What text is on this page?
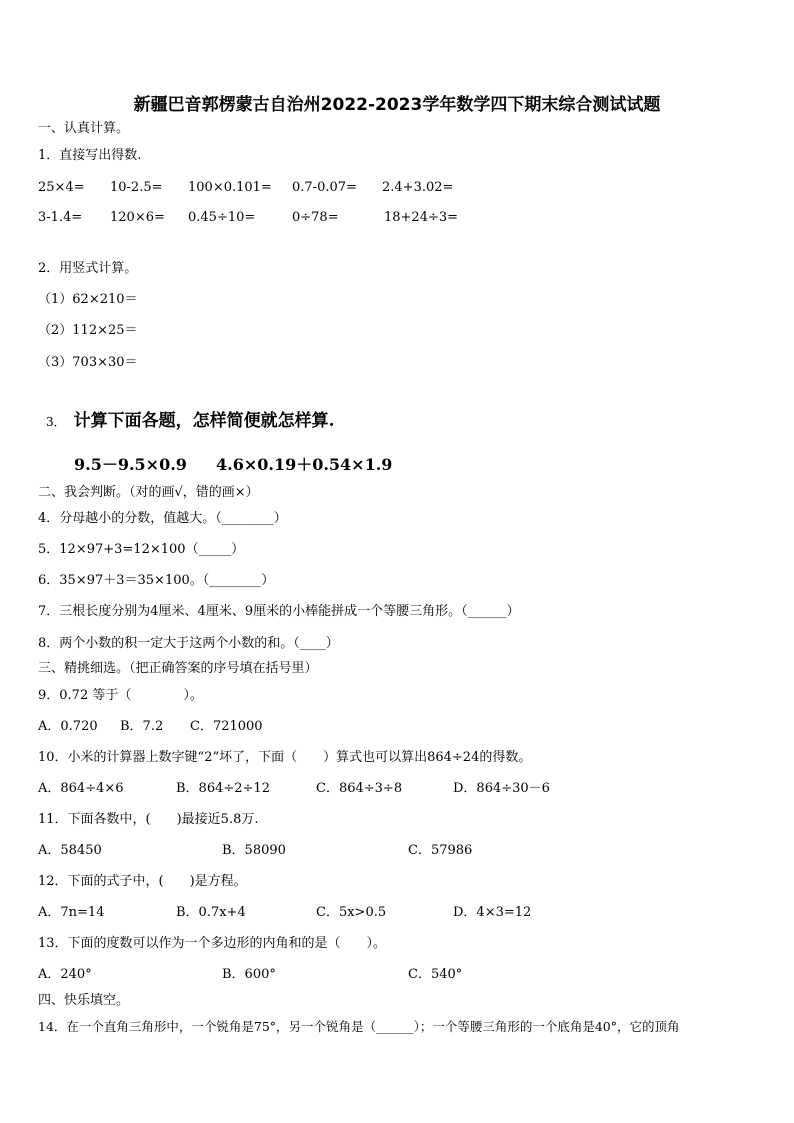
新疆巴音郭楞蒙古自治州2022-2023学年数学四下期末综合测试试题
一、认真计算。
1．直接写出得数.
25×4= 10-2.5= 100×0.101= 0.7-0.07= 2.4+3.02=
3-1.4= 120×6= 0.45÷10=	0÷78=	18+24÷3=
2．用竖式计算。
（1）62×210＝
（2）112×25＝
（3）703×30＝
3． 计算下面各题，怎样简便就怎样算.
9.5－9.5×0.9 4.6×0.19＋0.54×1.9
二、我会判断。（对的画√，错的画×）
4．分母越小的分数，值越大。（________）
5．12×97+3=12×100（_____）
6．35×97＋3＝35×100。（________）
7．三根长度分别为4厘米、4厘米、9厘米的小棒能拼成一个等腰三角形。（______）
8．两个小数的积一定大于这两个小数的和。（____）
三、精挑细选。（把正确答案的序号填在括号里）
9．0.72 等于（　　　　）。
A．0.720 B．7.2 C．721000
10．小米的计算器上数字键“2”坏了，下面（　　）算式也可以算出864÷24的得数。
A．864÷4×6	B．864÷2÷12	C．864÷3÷8	D．864÷30－6
11．下面各数中，(　　)最接近5.8万.
A．58450	B．58090	C．57986
12．下面的式子中，(　　)是方程。
A．7n=14	B．0.7x+4	C．5x>0.5	D．4×3=12
13．下面的度数可以作为一个多边形的内角和的是（　　）。
A．240°	B．600°	C．540°
四、快乐填空。
14．在一个直角三角形中，一个锐角是75°，另一个锐角是（______）；一个等腰三角形的一个底角是40°，它的顶角
